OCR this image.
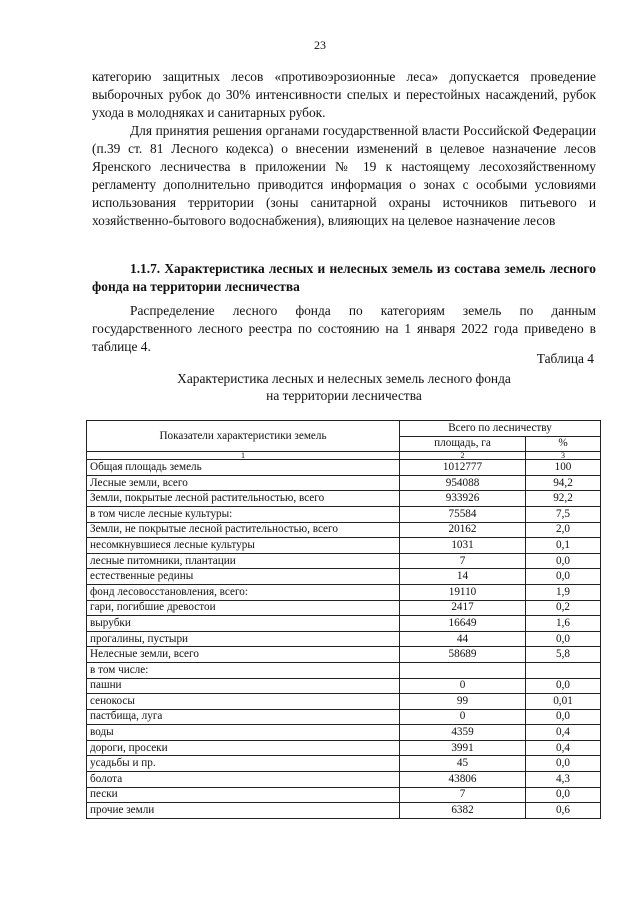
23

категорию защитных лесов «противоэрозионные леса» допускается проведение выборочных рубок до 30% интенсивности спелых и перестойных насаждений, рубок ухода в молодняках и санитарных рубок.

Для принятия решения органами государственной власти Российской Федерации (п.39 ст. 81 Лесного кодекса) о внесении изменений в целевое назначение лесов Яренского лесничества в приложении № 19 к настоящему лесохозяйственному регламенту дополнительно приводится информация о зонах с особыми условиями использования территории (зоны санитарной охраны источников питьевого и хозяйственно-бытового водоснабжения), влияющих на целевое назначение лесов

1.1.7. Характеристика лесных и нелесных земель из состава земель лесного фонда на территории лесничества

Распределение лесного фонда по категориям земель по данным государственного лесного реестра по состоянию на 1 января 2022 года приведено в таблице 4.

Таблица 4
Характеристика лесных и нелесных земель лесного фонда
на территории лесничества
Показатели характеристики земель	Всего по лесничеству	
	площадь, га	%
1	2	3
Общая площадь земель	1012777	100
Лесные земли, всего	954088	94,2
Земли, покрытые лесной растительностью, всего	933926	92,2
в том числе лесные культуры:	75584	7,5
Земли, не покрытые лесной растительностью, всего	20162	2,0
несомкнувшиеся лесные культуры	1031	0,1
лесные питомники, плантации	7	0,0
естественные редины	14	0,0
фонд лесовосстановления, всего:	19110	1,9
гари, погибшие древостои	2417	0,2
вырубки	16649	1,6
прогалины, пустыри	44	0,0
Нелесные земли, всего	58689	5,8
в том числе:		
пашни	0	0,0
сенокосы	99	0,01
пастбища, луга	0	0,0
воды	4359	0,4
дороги, просеки	3991	0,4
усадьбы и пр.	45	0,0
болота	43806	4,3
пески	7	0,0
прочие земли	6382	0,6
